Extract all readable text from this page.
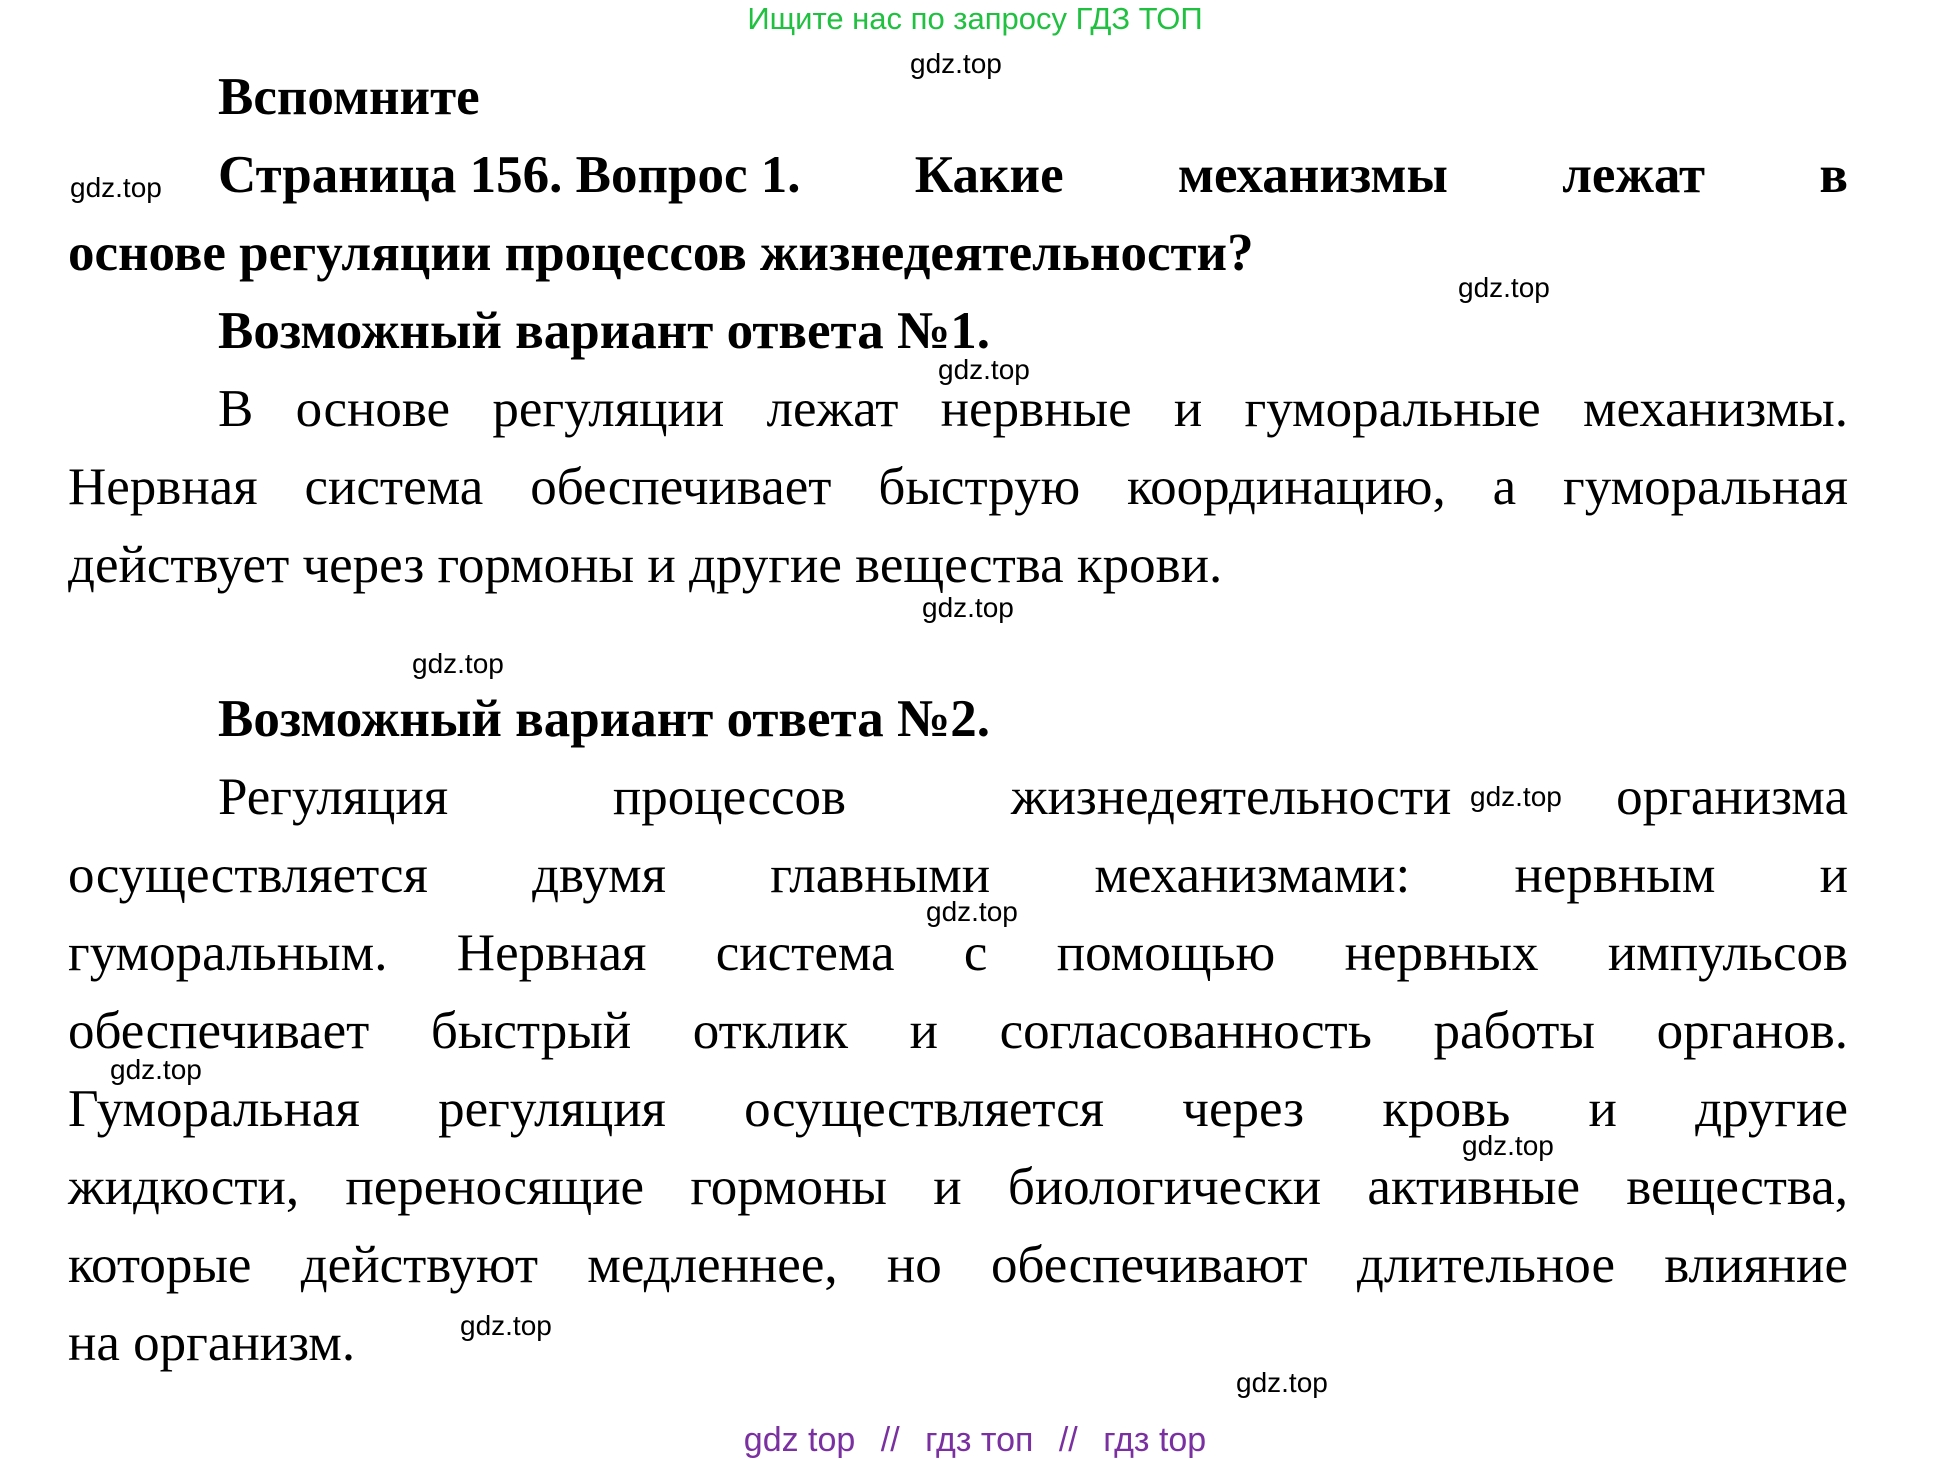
Ищите нас по запросу ГДЗ ТОП
gdz.top
gdz.top
gdz.top
gdz.top
gdz.top
gdz.top
gdz.top
gdz.top
gdz.top
gdz.top
gdz.top
gdz.top
Вспомните
Страница 156. Вопрос 1. Какие механизмы лежат в
основе регуляции процессов жизнедеятельности?
Возможный вариант ответа №1.
В основе регуляции лежат нервные и гуморальные механизмы.
Нервная система обеспечивает быструю координацию, а гуморальная
действует через гормоны и другие вещества крови.
Возможный вариант ответа №2.
Регуляция	процессов	жизнедеятельности	организма
осуществляется двумя главными механизмами: нервным и
гуморальным. Нервная система с помощью нервных импульсов
обеспечивает быстрый отклик и согласованность работы органов.
Гуморальная регуляция осуществляется через кровь и другие
жидкости, переносящие гормоны и биологически активные вещества,
которые действуют медленнее, но обеспечивают длительное влияние
на организм.
gdz top // гдз топ // гдз top
